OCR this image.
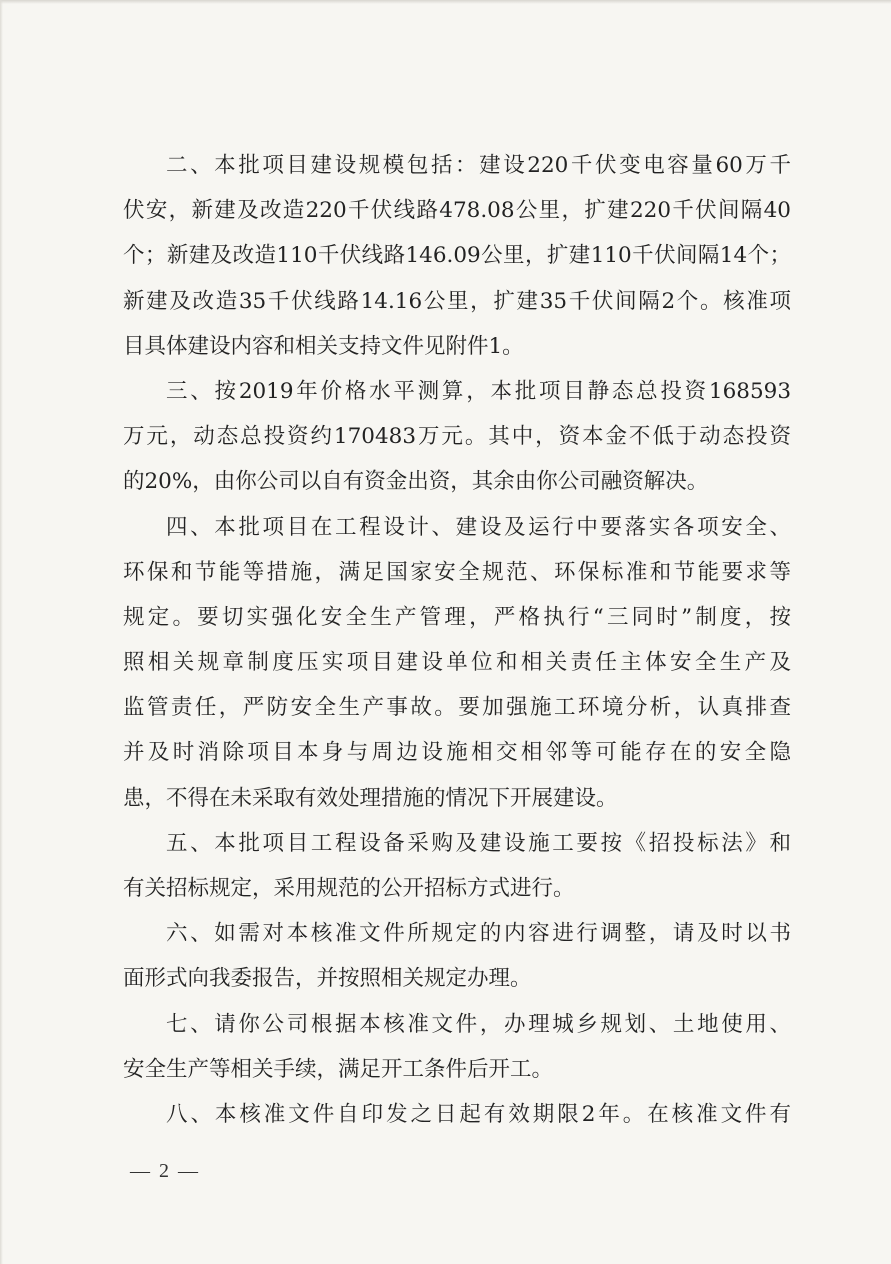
二、本批项目建设规模包括：建设220千伏变电容量60万千
伏安，新建及改造220千伏线路478.08公里，扩建220千伏间隔40
个；新建及改造110千伏线路146.09公里，扩建110千伏间隔14个；
新建及改造35千伏线路14.16公里，扩建35千伏间隔2个。核准项
目具体建设内容和相关支持文件见附件1。
三、按2019年价格水平测算，本批项目静态总投资168593
万元，动态总投资约170483万元。其中，资本金不低于动态投资
的20%，由你公司以自有资金出资，其余由你公司融资解决。
四、本批项目在工程设计、建设及运行中要落实各项安全、
环保和节能等措施，满足国家安全规范、环保标准和节能要求等
规定。要切实强化安全生产管理，严格执行“三同时”制度，按
照相关规章制度压实项目建设单位和相关责任主体安全生产及
监管责任，严防安全生产事故。要加强施工环境分析，认真排查
并及时消除项目本身与周边设施相交相邻等可能存在的安全隐
患，不得在未采取有效处理措施的情况下开展建设。
五、本批项目工程设备采购及建设施工要按《招投标法》和
有关招标规定，采用规范的公开招标方式进行。
六、如需对本核准文件所规定的内容进行调整，请及时以书
面形式向我委报告，并按照相关规定办理。
七、请你公司根据本核准文件，办理城乡规划、土地使用、
安全生产等相关手续，满足开工条件后开工。
八、本核准文件自印发之日起有效期限2年。在核准文件有
— 2 —
